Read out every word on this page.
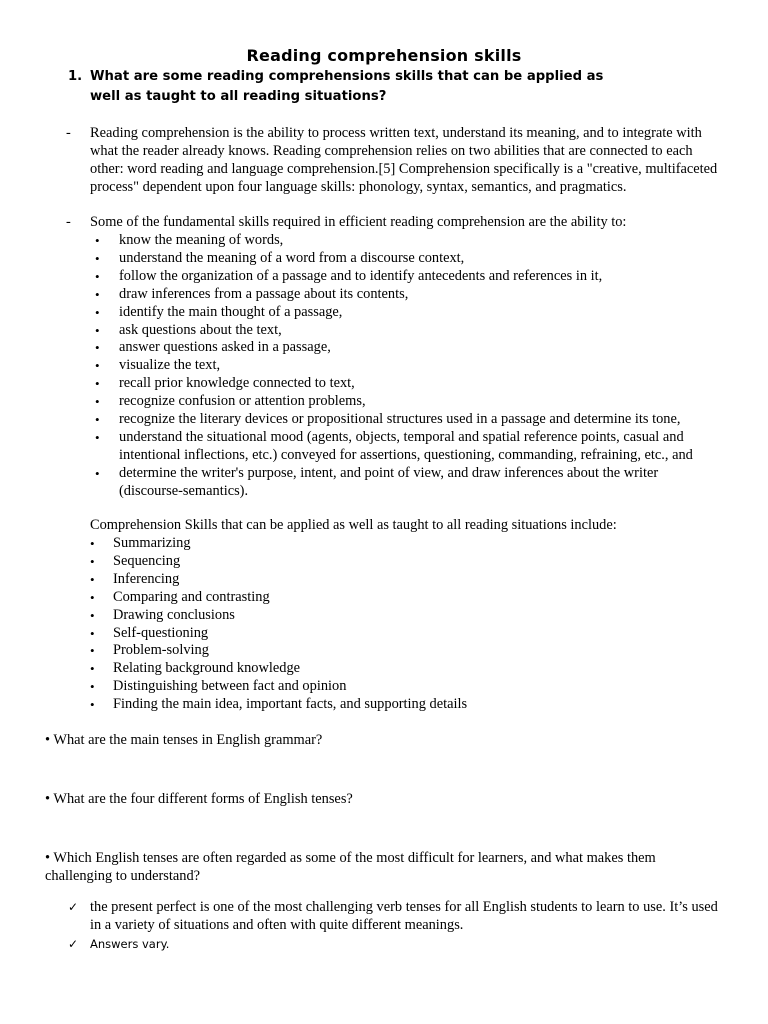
Reading comprehension skills
1. What are some reading comprehensions skills that can be applied as well as taught to all reading situations?
- Reading comprehension is the ability to process written text, understand its meaning, and to integrate with what the reader already knows. Reading comprehension relies on two abilities that are connected to each other: word reading and language comprehension.[5] Comprehension specifically is a "creative, multifaceted process" dependent upon four language skills: phonology, syntax, semantics, and pragmatics.
- Some of the fundamental skills required in efficient reading comprehension are the ability to:
• know the meaning of words,
• understand the meaning of a word from a discourse context,
• follow the organization of a passage and to identify antecedents and references in it,
• draw inferences from a passage about its contents,
• identify the main thought of a passage,
• ask questions about the text,
• answer questions asked in a passage,
• visualize the text,
• recall prior knowledge connected to text,
• recognize confusion or attention problems,
• recognize the literary devices or propositional structures used in a passage and determine its tone,
• understand the situational mood (agents, objects, temporal and spatial reference points, casual and intentional inflections, etc.) conveyed for assertions, questioning, commanding, refraining, etc., and
• determine the writer's purpose, intent, and point of view, and draw inferences about the writer (discourse-semantics).
Comprehension Skills that can be applied as well as taught to all reading situations include:
• Summarizing
• Sequencing
• Inferencing
• Comparing and contrasting
• Drawing conclusions
• Self-questioning
• Problem-solving
• Relating background knowledge
• Distinguishing between fact and opinion
• Finding the main idea, important facts, and supporting details
• What are the main tenses in English grammar?
• What are the four different forms of English tenses?
• Which English tenses are often regarded as some of the most difficult for learners, and what makes them challenging to understand?
✓ the present perfect is one of the most challenging verb tenses for all English students to learn to use. It’s used in a variety of situations and often with quite different meanings.
✓ Answers vary.
